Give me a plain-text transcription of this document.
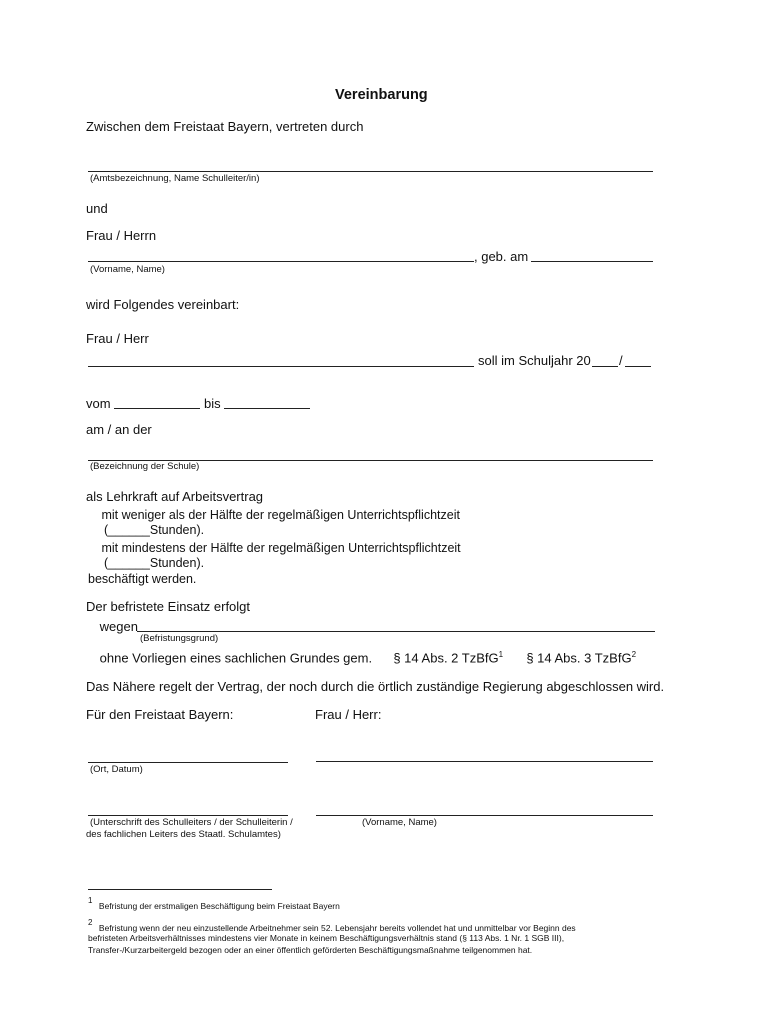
Vereinbarung
Zwischen dem Freistaat Bayern, vertreten durch
(Amtsbezeichnung, Name Schulleiter/in)
und
Frau / Herrn
, geb. am
(Vorname, Name)
wird Folgendes vereinbart:
Frau / Herr
soll im Schuljahr 20 /
vom	bis
am / an der
(Bezeichnung der Schule)
als Lehrkraft auf Arbeitsvertrag
mit weniger als der Hälfte der regelmäßigen Unterrichtspflichtzeit
(______Stunden).
mit mindestens der Hälfte der regelmäßigen Unterrichtspflichtzeit
(______Stunden).
beschäftigt werden.
Der befristete Einsatz erfolgt
wegen
(Befristungsgrund)
ohne Vorliegen eines sachlichen Grundes gem. § 14 Abs. 2 TzBfG$^1$ § 14 Abs. 3 TzBfG$^2$
Das Nähere regelt der Vertrag, der noch durch die örtlich zuständige Regierung abgeschlossen wird.
Für den Freistaat Bayern:	Frau / Herr:
(Ort, Datum)
(Unterschrift des Schulleiters / der Schulleiterin /
des fachlichen Leiters des Staatl. Schulamtes)
(Vorname, Name)
$^1$ Befristung der erstmaligen Beschäftigung beim Freistaat Bayern
$^2$ Befristung wenn der neu einzustellende Arbeitnehmer sein 52. Lebensjahr bereits vollendet hat und unmittelbar vor Beginn des
befristeten Arbeitsverhältnisses mindestens vier Monate in keinem Beschäftigungsverhältnis stand (§ 113 Abs. 1 Nr. 1 SGB III),
Transfer-/Kurzarbeitergeld bezogen oder an einer öffentlich geförderten Beschäftigungsmaßnahme teilgenommen hat.
